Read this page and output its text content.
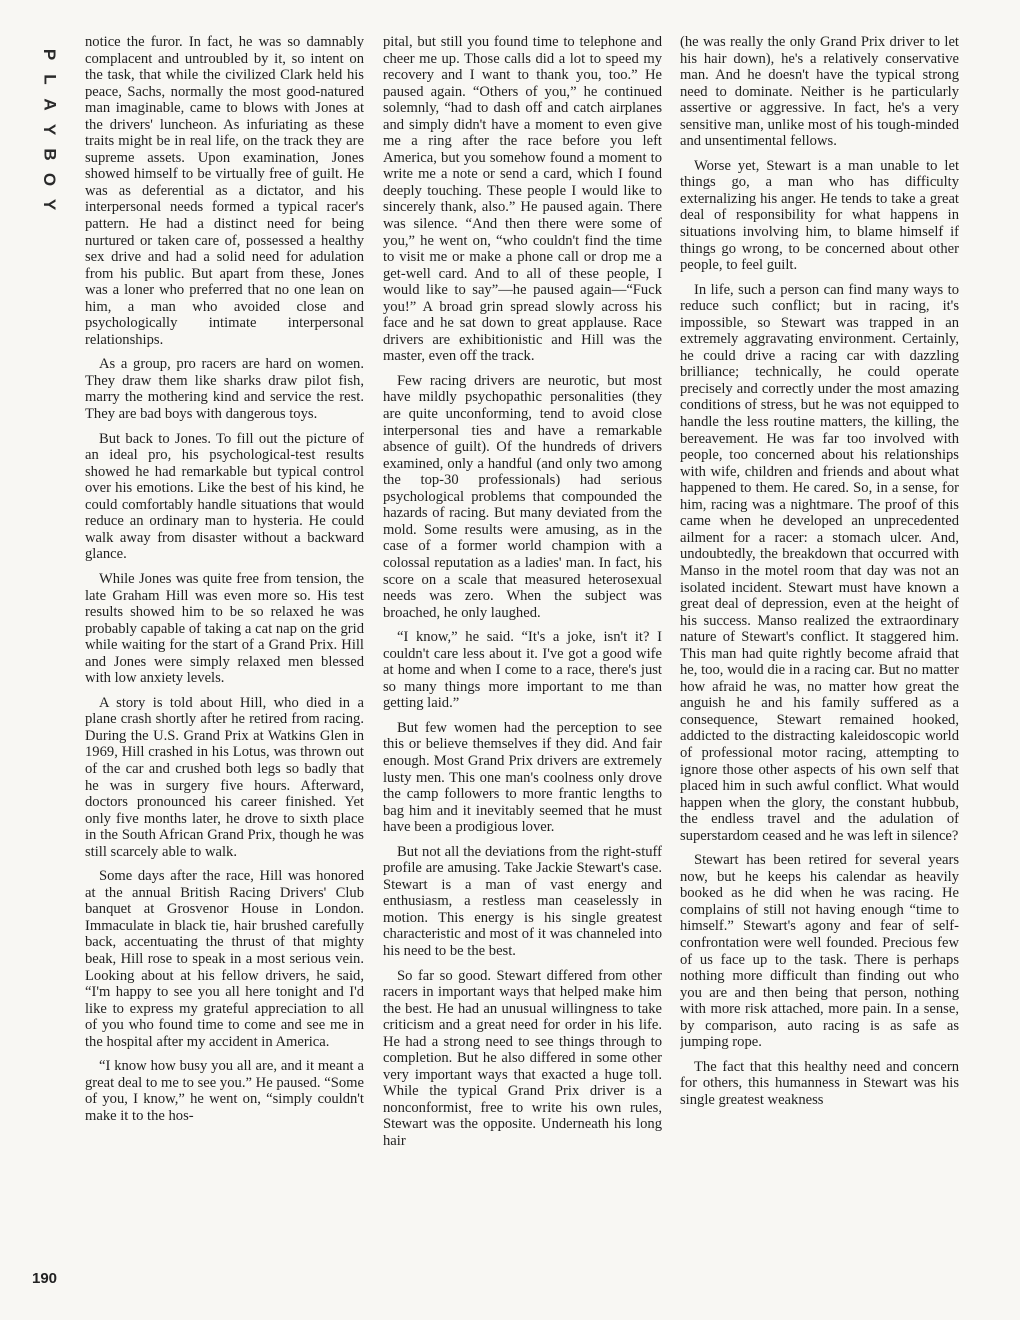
P
L
A
Y
B
O
Y

notice the furor. In fact, he was so damnably complacent and untroubled by it, so intent on the task, that while the civilized Clark held his peace, Sachs, normally the most good-natured man imaginable, came to blows with Jones at the drivers' luncheon. As infuriating as these traits might be in real life, on the track they are supreme assets. Upon examination, Jones showed himself to be virtually free of guilt. He was as deferential as a dictator, and his interpersonal needs formed a typical racer's pattern. He had a distinct need for being nurtured or taken care of, possessed a healthy sex drive and had a solid need for adulation from his public. But apart from these, Jones was a loner who preferred that no one lean on him, a man who avoided close and psychologically intimate interpersonal relationships.

As a group, pro racers are hard on women. They draw them like sharks draw pilot fish, marry the mothering kind and service the rest. They are bad boys with dangerous toys.

But back to Jones. To fill out the picture of an ideal pro, his psychological-test results showed he had remarkable but typical control over his emotions. Like the best of his kind, he could comfortably handle situations that would reduce an ordinary man to hysteria. He could walk away from disaster without a backward glance.

While Jones was quite free from tension, the late Graham Hill was even more so. His test results showed him to be so relaxed he was probably capable of taking a cat nap on the grid while waiting for the start of a Grand Prix. Hill and Jones were simply relaxed men blessed with low anxiety levels.

A story is told about Hill, who died in a plane crash shortly after he retired from racing. During the U.S. Grand Prix at Watkins Glen in 1969, Hill crashed in his Lotus, was thrown out of the car and crushed both legs so badly that he was in surgery five hours. Afterward, doctors pronounced his career finished. Yet only five months later, he drove to sixth place in the South African Grand Prix, though he was still scarcely able to walk.

Some days after the race, Hill was honored at the annual British Racing Drivers' Club banquet at Grosvenor House in London. Immaculate in black tie, hair brushed carefully back, accentuating the thrust of that mighty beak, Hill rose to speak in a most serious vein. Looking about at his fellow drivers, he said, “I'm happy to see you all here tonight and I'd like to express my grateful appreciation to all of you who found time to come and see me in the hospital after my accident in America.

“I know how busy you all are, and it meant a great deal to me to see you.” He paused. “Some of you, I know,” he went on, “simply couldn't make it to the hos-

pital, but still you found time to telephone and cheer me up. Those calls did a lot to speed my recovery and I want to thank you, too.” He paused again. “Others of you,” he continued solemnly, “had to dash off and catch airplanes and simply didn't have a moment to even give me a ring after the race before you left America, but you somehow found a moment to write me a note or send a card, which I found deeply touching. These people I would like to sincerely thank, also.” He paused again. There was silence. “And then there were some of you,” he went on, “who couldn't find the time to visit me or make a phone call or drop me a get-well card. And to all of these people, I would like to say”—he paused again—“Fuck you!” A broad grin spread slowly across his face and he sat down to great applause. Race drivers are exhibitionistic and Hill was the master, even off the track.

Few racing drivers are neurotic, but most have mildly psychopathic personalities (they are quite unconforming, tend to avoid close interpersonal ties and have a remarkable absence of guilt). Of the hundreds of drivers examined, only a handful (and only two among the top-30 professionals) had serious psychological problems that compounded the hazards of racing. But many deviated from the mold. Some results were amusing, as in the case of a former world champion with a colossal reputation as a ladies' man. In fact, his score on a scale that measured heterosexual needs was zero. When the subject was broached, he only laughed.

“I know,” he said. “It's a joke, isn't it? I couldn't care less about it. I've got a good wife at home and when I come to a race, there's just so many things more important to me than getting laid.”

But few women had the perception to see this or believe themselves if they did. And fair enough. Most Grand Prix drivers are extremely lusty men. This one man's coolness only drove the camp followers to more frantic lengths to bag him and it inevitably seemed that he must have been a prodigious lover.

But not all the deviations from the right-stuff profile are amusing. Take Jackie Stewart's case. Stewart is a man of vast energy and enthusiasm, a restless man ceaselessly in motion. This energy is his single greatest characteristic and most of it was channeled into his need to be the best.

So far so good. Stewart differed from other racers in important ways that helped make him the best. He had an unusual willingness to take criticism and a great need for order in his life. He had a strong need to see things through to completion. But he also differed in some other very important ways that exacted a huge toll. While the typical Grand Prix driver is a nonconformist, free to write his own rules, Stewart was the opposite. Underneath his long hair

(he was really the only Grand Prix driver to let his hair down), he's a relatively conservative man. And he doesn't have the typical strong need to dominate. Neither is he particularly assertive or aggressive. In fact, he's a very sensitive man, unlike most of his tough-minded and unsentimental fellows.

Worse yet, Stewart is a man unable to let things go, a man who has difficulty externalizing his anger. He tends to take a great deal of responsibility for what happens in situations involving him, to blame himself if things go wrong, to be concerned about other people, to feel guilt.

In life, such a person can find many ways to reduce such conflict; but in racing, it's impossible, so Stewart was trapped in an extremely aggravating environment. Certainly, he could drive a racing car with dazzling brilliance; technically, he could operate precisely and correctly under the most amazing conditions of stress, but he was not equipped to handle the less routine matters, the killing, the bereavement. He was far too involved with people, too concerned about his relationships with wife, children and friends and about what happened to them. He cared. So, in a sense, for him, racing was a nightmare. The proof of this came when he developed an unprecedented ailment for a racer: a stomach ulcer. And, undoubtedly, the breakdown that occurred with Manso in the motel room that day was not an isolated incident. Stewart must have known a great deal of depression, even at the height of his success. Manso realized the extraordinary nature of Stewart's conflict. It staggered him. This man had quite rightly become afraid that he, too, would die in a racing car. But no matter how afraid he was, no matter how great the anguish he and his family suffered as a consequence, Stewart remained hooked, addicted to the distracting kaleidoscopic world of professional motor racing, attempting to ignore those other aspects of his own self that placed him in such awful conflict. What would happen when the glory, the constant hubbub, the endless travel and the adulation of superstardom ceased and he was left in silence?

Stewart has been retired for several years now, but he keeps his calendar as heavily booked as he did when he was racing. He complains of still not having enough “time to himself.” Stewart's agony and fear of self-confrontation were well founded. Precious few of us face up to the task. There is perhaps nothing more difficult than finding out who you are and then being that person, nothing with more risk attached, more pain. In a sense, by comparison, auto racing is as safe as jumping rope.

The fact that this healthy need and concern for others, this humanness in Stewart was his single greatest weakness

190
